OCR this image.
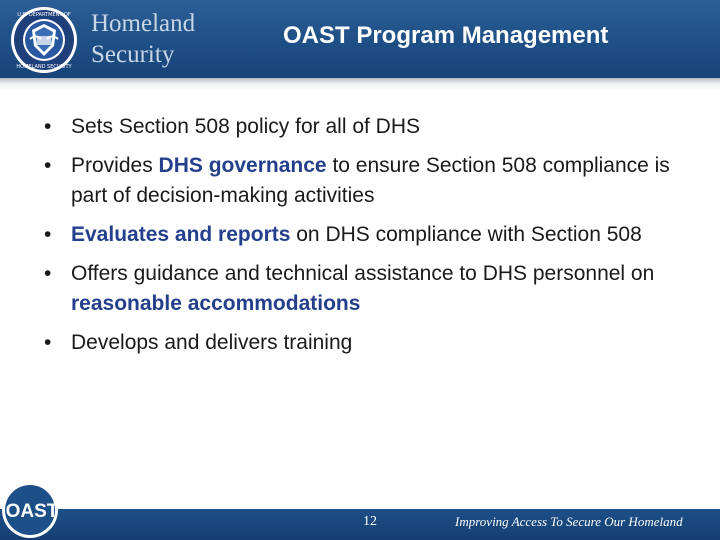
U.S. DEPARTMENT OF
HOMELAND SECURITY
Homeland
Security
OAST Program Management
• Sets Section 508 policy for all of DHS
• Provides DHS governance to ensure Section 508 compliance is part of decision-making activities
• Evaluates and reports on DHS compliance with Section 508
• Offers guidance and technical assistance to DHS personnel on reasonable accommodations
• Develops and delivers training
OAST	12	Improving Access To Secure Our Homeland
